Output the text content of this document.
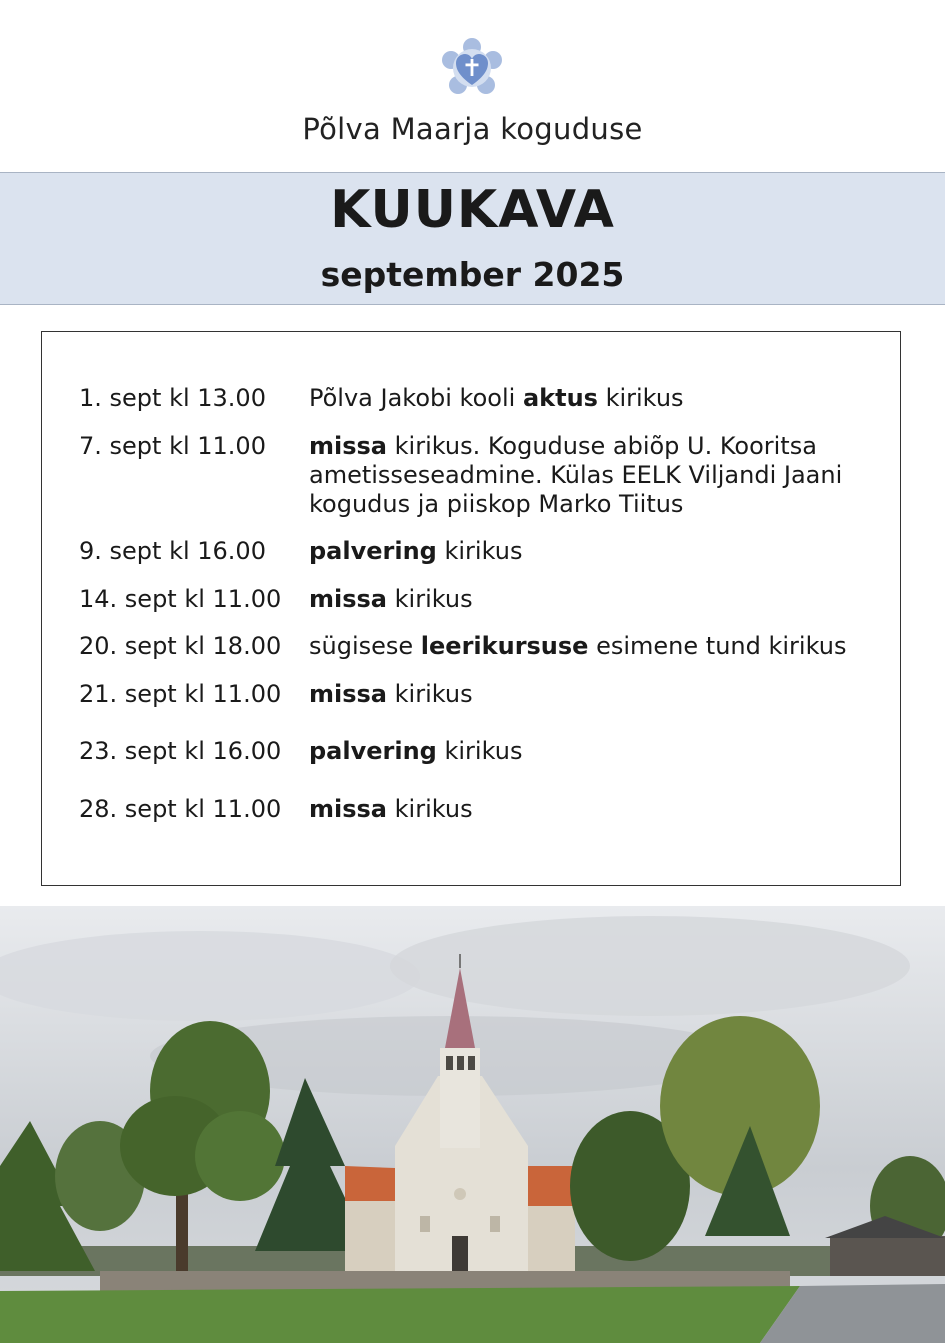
Põlva Maarja koguduse
KUUKAVA
september 2025
1. sept kl 13.00	Põlva Jakobi kooli aktus kirikus
7. sept kl 11.00	missa kirikus. Koguduse abiõp U. Kooritsa ametisseseadmine. Külas EELK Viljandi Jaani kogudus ja piiskop Marko Tiitus
9. sept kl 16.00	palvering kirikus
14. sept kl 11.00	missa kirikus
20. sept kl 18.00	sügisese leerikursuse esimene tund kirikus
21. sept kl 11.00	missa kirikus
23. sept kl 16.00	palvering kirikus
28. sept kl 11.00	missa kirikus
